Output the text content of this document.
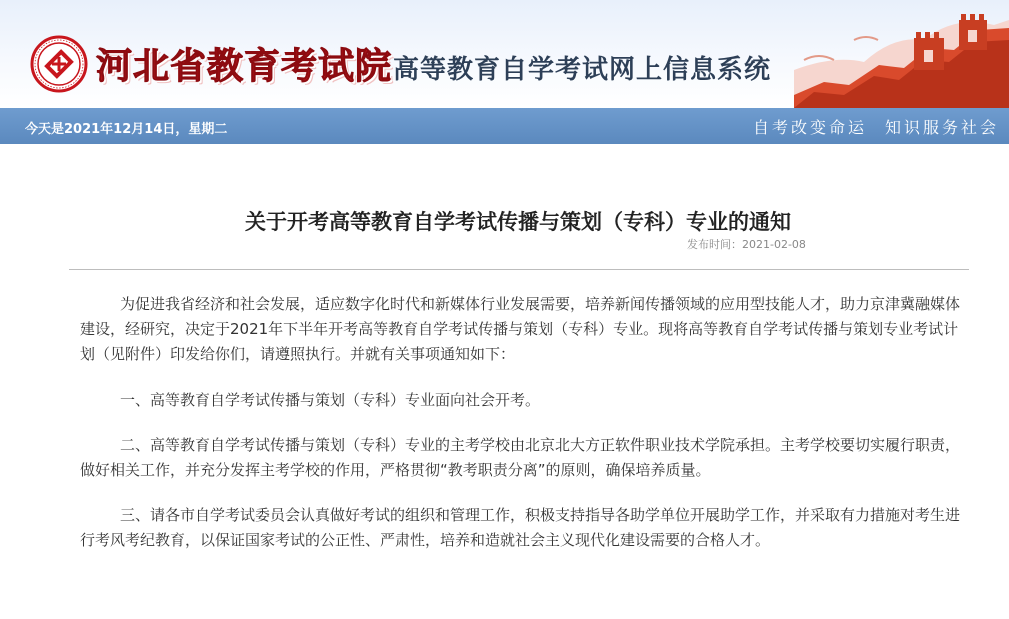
河北省教育考试院 高等教育自学考试网上信息系统
今天是2021年12月14日，星期二	自考改变命运 知识服务社会
关于开考高等教育自学考试传播与策划（专科）专业的通知
发布时间：2021-02-08

为促进我省经济和社会发展，适应数字化时代和新媒体行业发展需要，培养新闻传播领域的应用型技能人才，助力京津冀融媒体建设，经研究，决定于2021年下半年开考高等教育自学考试传播与策划（专科）专业。现将高等教育自学考试传播与策划专业考试计划（见附件）印发给你们，请遵照执行。并就有关事项通知如下：

一、高等教育自学考试传播与策划（专科）专业面向社会开考。

二、高等教育自学考试传播与策划（专科）专业的主考学校由北京北大方正软件职业技术学院承担。主考学校要切实履行职责，做好相关工作，并充分发挥主考学校的作用，严格贯彻“教考职责分离”的原则，确保培养质量。

三、请各市自学考试委员会认真做好考试的组织和管理工作，积极支持指导各助学单位开展助学工作，并采取有力措施对考生进行考风考纪教育，以保证国家考试的公正性、严肃性，培养和造就社会主义现代化建设需要的合格人才。
